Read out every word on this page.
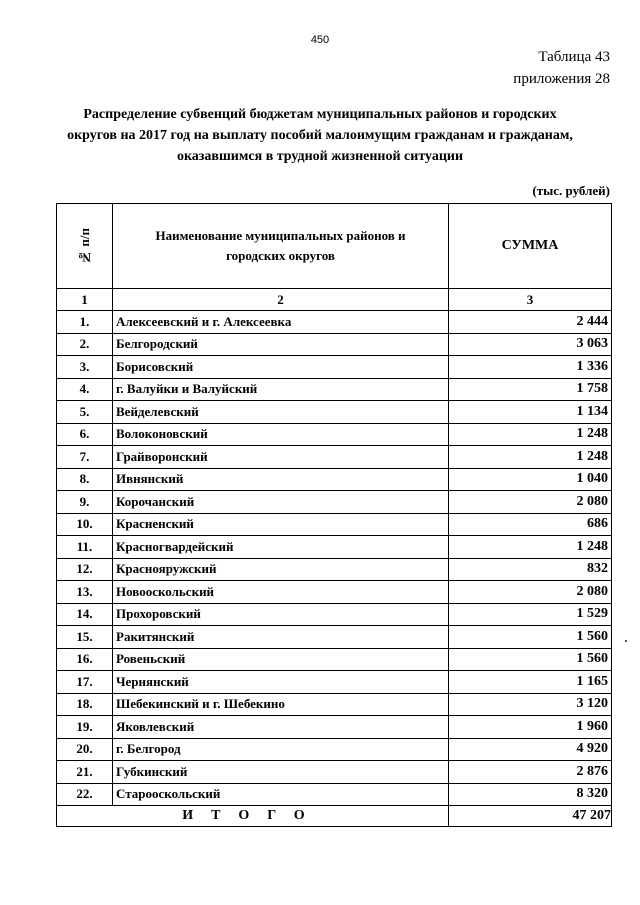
450
Таблица 43
приложения 28
Распределение субвенций бюджетам муниципальных районов и городских
округов на 2017 год на выплату пособий малоимущим гражданам и гражданам,
оказавшимся в трудной жизненной ситуации
(тыс. рублей)
№ п/п	Наименование муниципальных районов и
городских округов	СУММА
1	2	3
1.	Алексеевский и г. Алексеевка	2 444
2.	Белгородский	3 063
3.	Борисовский	1 336
4.	г. Валуйки и Валуйский	1 758
5.	Вейделевский	1 134
6.	Волоконовский	1 248
7.	Грайворонский	1 248
8.	Ивнянский	1 040
9.	Корочанский	2 080
10.	Красненский	686
11.	Красногвардейский	1 248
12.	Краснояружский	832
13.	Новооскольский	2 080
14.	Прохоровский	1 529
15.	Ракитянский	1 560
16.	Ровеньский	1 560
17.	Чернянский	1 165
18.	Шебекинский и г. Шебекино	3 120
19.	Яковлевский	1 960
20.	г. Белгород	4 920
21.	Губкинский	2 876
22.	Старооскольский	8 320
ИТОГО		47 207
